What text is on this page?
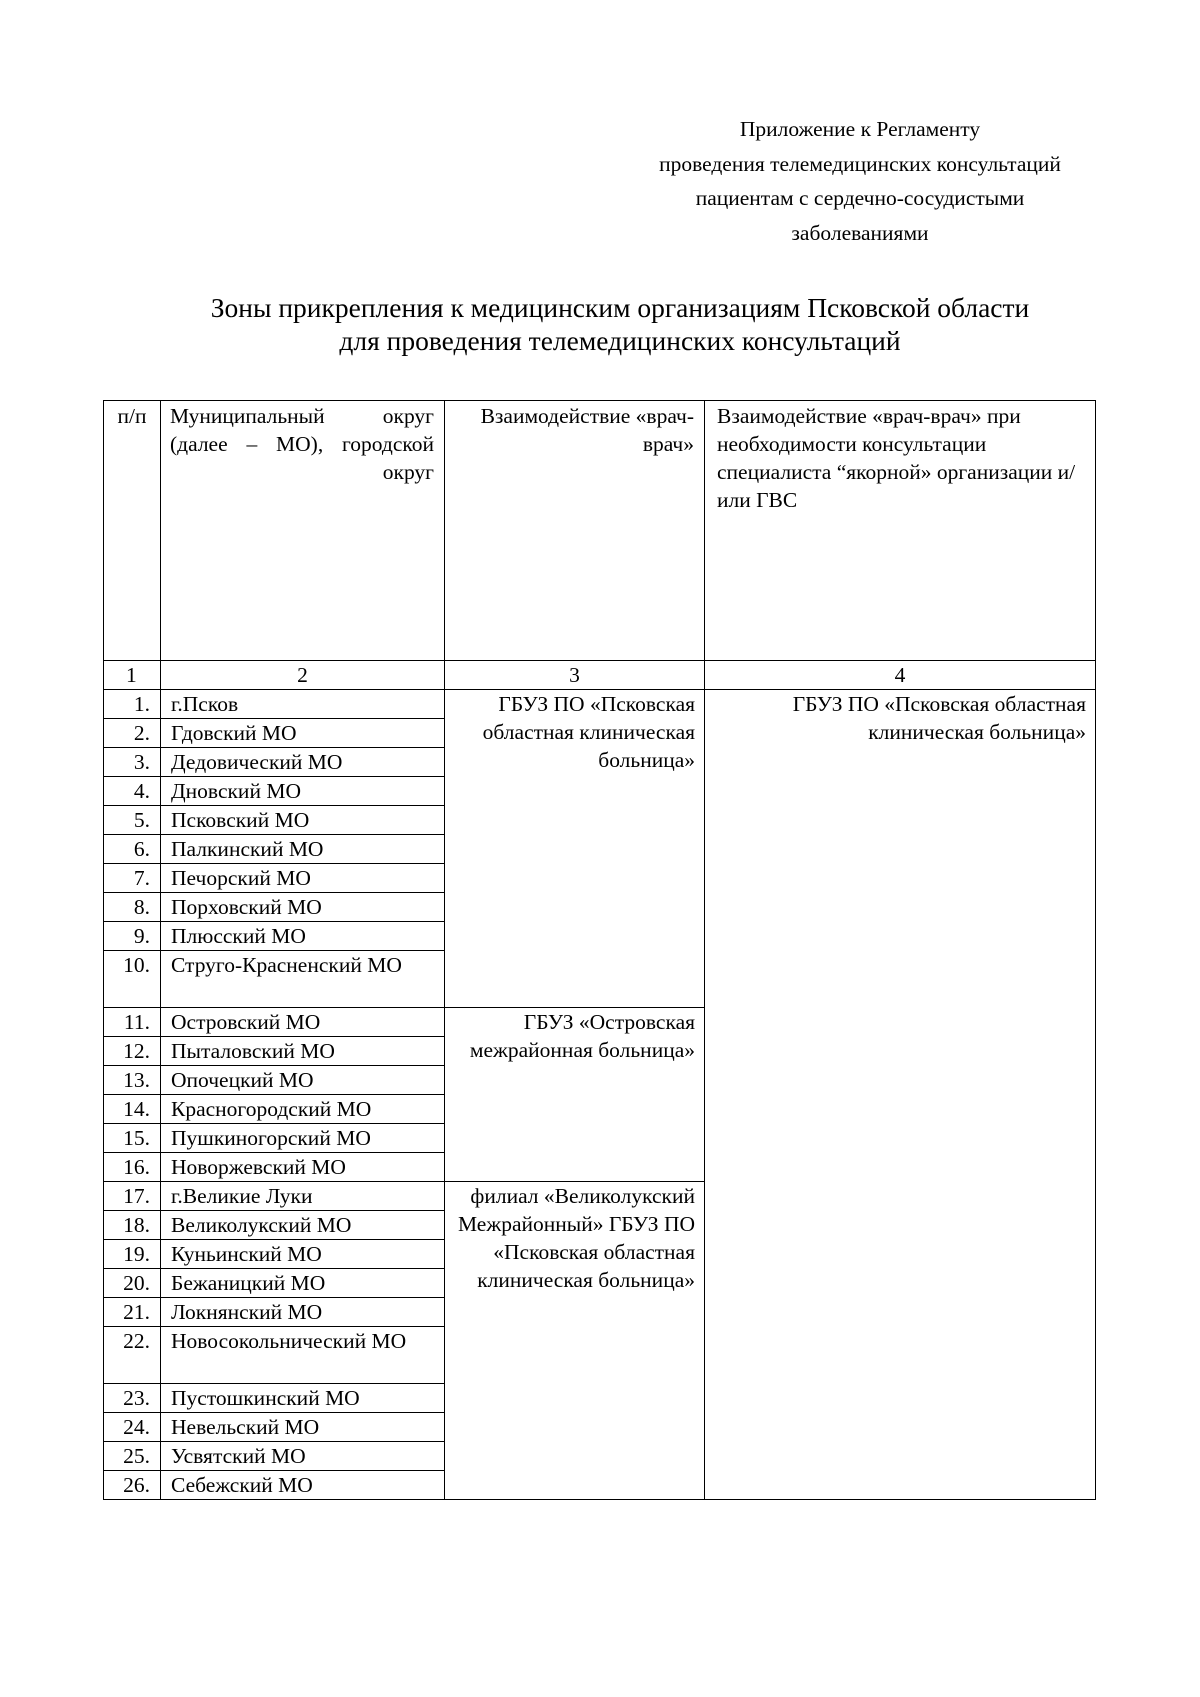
Приложение к Регламенту
проведения телемедицинских консультаций
пациентам с сердечно-сосудистыми
заболеваниями
Зоны прикрепления к медицинским организациям Псковской области
для проведения телемедицинских консультаций
п/п	Муниципальный округ (далее – МО), городской округ	Взаимодействие «врач-врач»	Взаимодействие «врач-врач» при необходимости консультации специалиста “якорной» организации и/или ГВС
1	2	3	4
1.	г.Псков	ГБУЗ ПО «Псковская областная клиническая больница»	ГБУЗ ПО «Псковская областная клиническая больница»
2.	Гдовский МО		
3.	Дедовический МО		
4.	Дновский МО		
5.	Псковский МО		
6.	Палкинский МО		
7.	Печорский МО		
8.	Порховский МО		
9.	Плюсский МО		
10.	Струго-Красненский МО		
11.	Островский МО	ГБУЗ «Островская межрайонная больница»	
12.	Пыталовский МО		
13.	Опочецкий МО		
14.	Красногородский МО		
15.	Пушкиногорский МО		
16.	Новоржевский МО		
17.	г.Великие Луки	филиал «Великолукский Межрайонный» ГБУЗ ПО «Псковская областная клиническая больница»	
18.	Великолукский МО		
19.	Куньинский МО		
20.	Бежаницкий МО		
21.	Локнянский МО		
22.	Новосокольнический МО		
23.	Пустошкинский МО		
24.	Невельский МО		
25.	Усвятский МО		
26.	Себежский МО		
